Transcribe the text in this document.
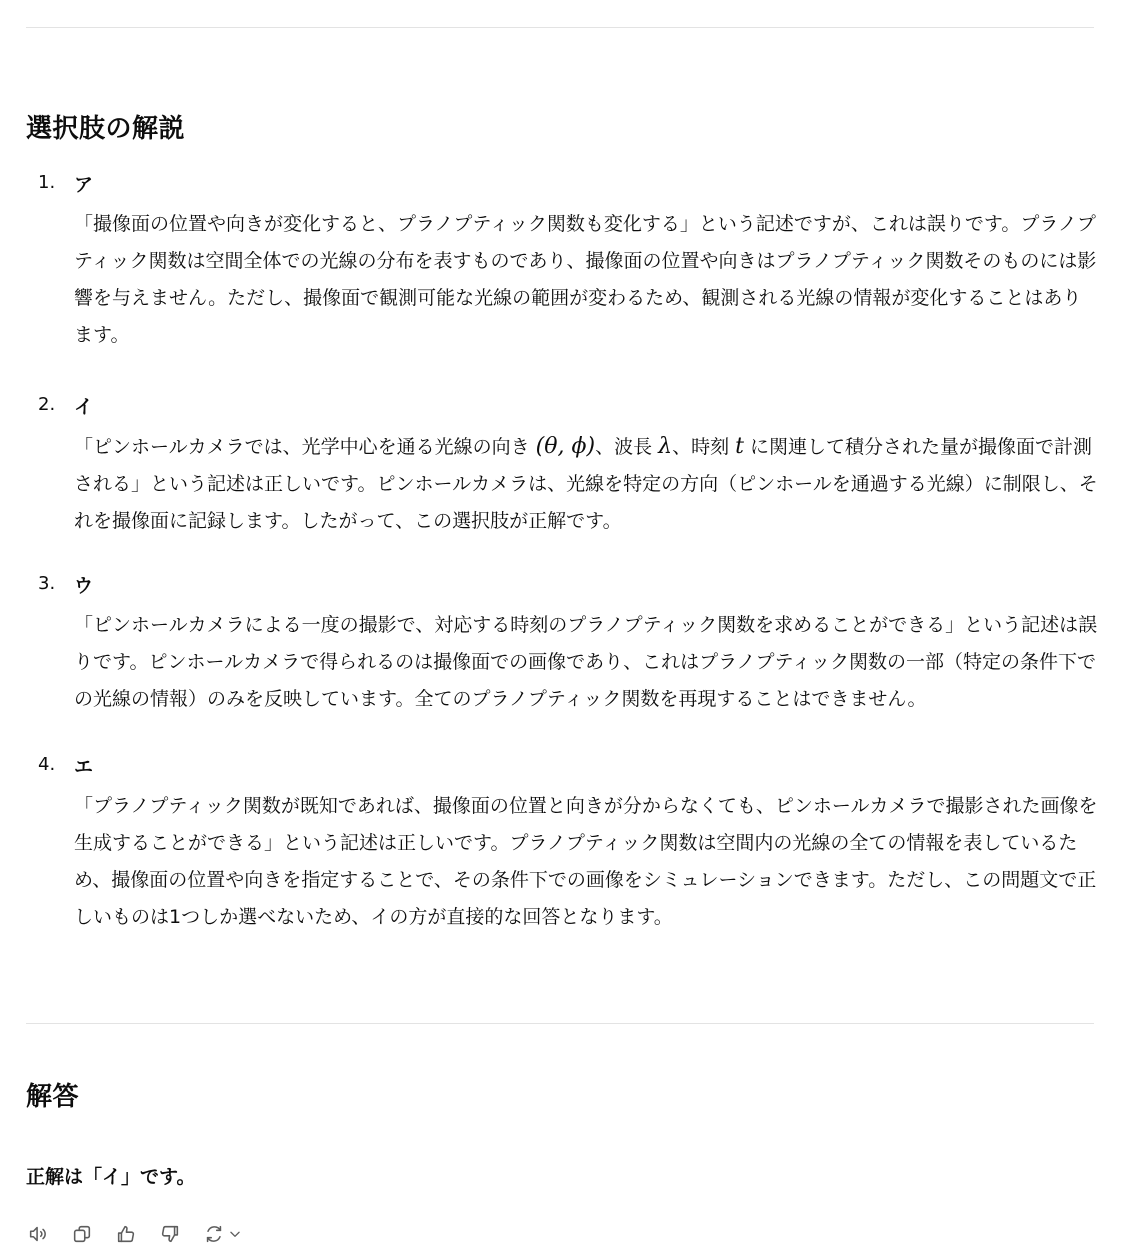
選択肢の解説
1. ア

「撮像面の位置や向きが変化すると、プラノプティック関数も変化する」という記述ですが、これは誤りです。プラノプティック関数は空間全体での光線の分布を表すものであり、撮像面の位置や向きはプラノプティック関数そのものには影響を与えません。ただし、撮像面で観測可能な光線の範囲が変わるため、観測される光線の情報が変化することはあります。

2. イ

「ピンホールカメラでは、光学中心を通る光線の向き (θ, ϕ)、波長 λ、時刻 t に関連して積分された量が撮像面で計測される」という記述は正しいです。ピンホールカメラは、光線を特定の方向（ピンホールを通過する光線）に制限し、それを撮像面に記録します。したがって、この選択肢が正解です。

3. ウ

「ピンホールカメラによる一度の撮影で、対応する時刻のプラノプティック関数を求めることができる」という記述は誤りです。ピンホールカメラで得られるのは撮像面での画像であり、これはプラノプティック関数の一部（特定の条件下での光線の情報）のみを反映しています。全てのプラノプティック関数を再現することはできません。

4. エ

「プラノプティック関数が既知であれば、撮像面の位置と向きが分からなくても、ピンホールカメラで撮影された画像を生成することができる」という記述は正しいです。プラノプティック関数は空間内の光線の全ての情報を表しているため、撮像面の位置や向きを指定することで、その条件下での画像をシミュレーションできます。ただし、この問題文で正しいものは1つしか選べないため、イの方が直接的な回答となります。

解答
正解は「イ」です。
